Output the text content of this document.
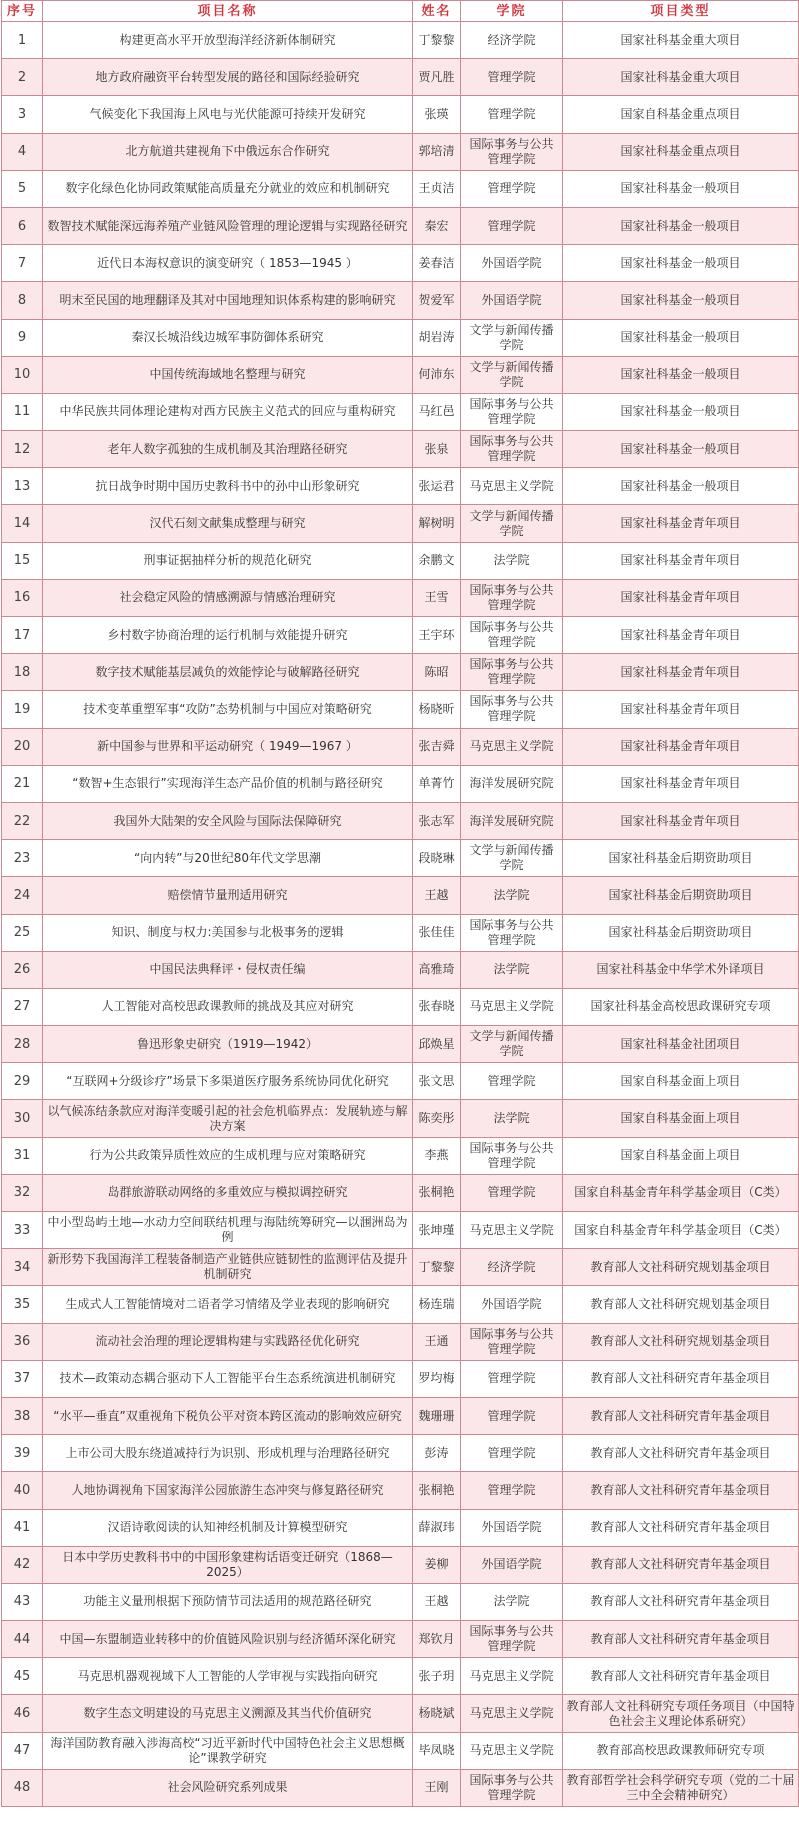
序号	项目名称	姓名	学院	项目类型
1	构建更高水平开放型海洋经济新体制研究	丁黎黎	经济学院	国家社科基金重大项目
2	地方政府融资平台转型发展的路径和国际经验研究	贾凡胜	管理学院	国家社科基金重大项目
3	气候变化下我国海上风电与光伏能源可持续开发研究	张瑛	管理学院	国家自科基金重点项目
4	北方航道共建视角下中俄远东合作研究	郭培清	国际事务与公共管理学院	国家社科基金重点项目
5	数字化绿色化协同政策赋能高质量充分就业的效应和机制研究	王贞洁	管理学院	国家社科基金一般项目
6	数智技术赋能深远海养殖产业链风险管理的理论逻辑与实现路径研究	秦宏	管理学院	国家社科基金一般项目
7	近代日本海权意识的演变研究（ 1853—1945 ）	姜春洁	外国语学院	国家社科基金一般项目
8	明末至民国的地理翻译及其对中国地理知识体系构建的影响研究	贺爱军	外国语学院	国家社科基金一般项目
9	秦汉长城沿线边城军事防御体系研究	胡岩涛	文学与新闻传播学院	国家社科基金一般项目
10	中国传统海域地名整理与研究	何沛东	文学与新闻传播学院	国家社科基金一般项目
11	中华民族共同体理论建构对西方民族主义范式的回应与重构研究	马红邑	国际事务与公共管理学院	国家社科基金一般项目
12	老年人数字孤独的生成机制及其治理路径研究	张泉	国际事务与公共管理学院	国家社科基金一般项目
13	抗日战争时期中国历史教科书中的孙中山形象研究	张运君	马克思主义学院	国家社科基金一般项目
14	汉代石刻文献集成整理与研究	解树明	文学与新闻传播学院	国家社科基金青年项目
15	刑事证据抽样分析的规范化研究	余鹏文	法学院	国家社科基金青年项目
16	社会稳定风险的情感溯源与情感治理研究	王雪	国际事务与公共管理学院	国家社科基金青年项目
17	乡村数字协商治理的运行机制与效能提升研究	王宇环	国际事务与公共管理学院	国家社科基金青年项目
18	数字技术赋能基层减负的效能悖论与破解路径研究	陈昭	国际事务与公共管理学院	国家社科基金青年项目
19	技术变革重塑军事“攻防”态势机制与中国应对策略研究	杨晓昕	国际事务与公共管理学院	国家社科基金青年项目
20	新中国参与世界和平运动研究（ 1949—1967 ）	张吉舜	马克思主义学院	国家社科基金青年项目
21	“数智+生态银行”实现海洋生态产品价值的机制与路径研究	单菁竹	海洋发展研究院	国家社科基金青年项目
22	我国外大陆架的安全风险与国际法保障研究	张志军	海洋发展研究院	国家社科基金青年项目
23	“向内转”与20世纪80年代文学思潮	段晓琳	文学与新闻传播学院	国家社科基金后期资助项目
24	赔偿情节量刑适用研究	王越	法学院	国家社科基金后期资助项目
25	知识、制度与权力:美国参与北极事务的逻辑	张佳佳	国际事务与公共管理学院	国家社科基金后期资助项目
26	中国民法典释评・侵权责任编	高雅琦	法学院	国家社科基金中华学术外译项目
27	人工智能对高校思政课教师的挑战及其应对研究	张春晓	马克思主义学院	国家社科基金高校思政课研究专项
28	鲁迅形象史研究（1919—1942）	邱焕星	文学与新闻传播学院	国家社科基金社团项目
29	“互联网+分级诊疗”场景下多渠道医疗服务系统协同优化研究	张文思	管理学院	国家自科基金面上项目
30	以气候冻结条款应对海洋变暖引起的社会危机临界点：发展轨迹与解决方案	陈奕彤	法学院	国家自科基金面上项目
31	行为公共政策异质性效应的生成机理与应对策略研究	李燕	国际事务与公共管理学院	国家自科基金面上项目
32	岛群旅游联动网络的多重效应与模拟调控研究	张桐艳	管理学院	国家自科基金青年科学基金项目（C类）
33	中小型岛屿土地—水动力空间联结机理与海陆统筹研究—以涠洲岛为例	张坤瑾	马克思主义学院	国家自科基金青年科学基金项目（C类）
34	新形势下我国海洋工程装备制造产业链供应链韧性的监测评估及提升机制研究	丁黎黎	经济学院	教育部人文社科研究规划基金项目
35	生成式人工智能情境对二语者学习情绪及学业表现的影响研究	杨连瑞	外国语学院	教育部人文社科研究规划基金项目
36	流动社会治理的理论逻辑构建与实践路径优化研究	王通	国际事务与公共管理学院	教育部人文社科研究规划基金项目
37	技术—政策动态耦合驱动下人工智能平台生态系统演进机制研究	罗均梅	管理学院	教育部人文社科研究青年基金项目
38	“水平—垂直”双重视角下税负公平对资本跨区流动的影响效应研究	魏珊珊	管理学院	教育部人文社科研究青年基金项目
39	上市公司大股东绕道减持行为识别、形成机理与治理路径研究	彭涛	管理学院	教育部人文社科研究青年基金项目
40	人地协调视角下国家海洋公园旅游生态冲突与修复路径研究	张桐艳	管理学院	教育部人文社科研究青年基金项目
41	汉语诗歌阅读的认知神经机制及计算模型研究	薛淑玮	外国语学院	教育部人文社科研究青年基金项目
42	日本中学历史教科书中的中国形象建构话语变迁研究（1868—2025）	姜柳	外国语学院	教育部人文社科研究青年基金项目
43	功能主义量刑根据下预防情节司法适用的规范路径研究	王越	法学院	教育部人文社科研究青年基金项目
44	中国—东盟制造业转移中的价值链风险识别与经济循环深化研究	郑钦月	国际事务与公共管理学院	教育部人文社科研究青年基金项目
45	马克思机器观视域下人工智能的人学审视与实践指向研究	张子玥	马克思主义学院	教育部人文社科研究青年基金项目
46	数字生态文明建设的马克思主义溯源及其当代价值研究	杨晓斌	马克思主义学院	教育部人文社科研究专项任务项目（中国特色社会主义理论体系研究）
47	海洋国防教育融入涉海高校“习近平新时代中国特色社会主义思想概论”课教学研究	毕凤晓	马克思主义学院	教育部高校思政课教师研究专项
48	社会风险研究系列成果	王刚	国际事务与公共管理学院	教育部哲学社会科学研究专项（党的二十届三中全会精神研究）
